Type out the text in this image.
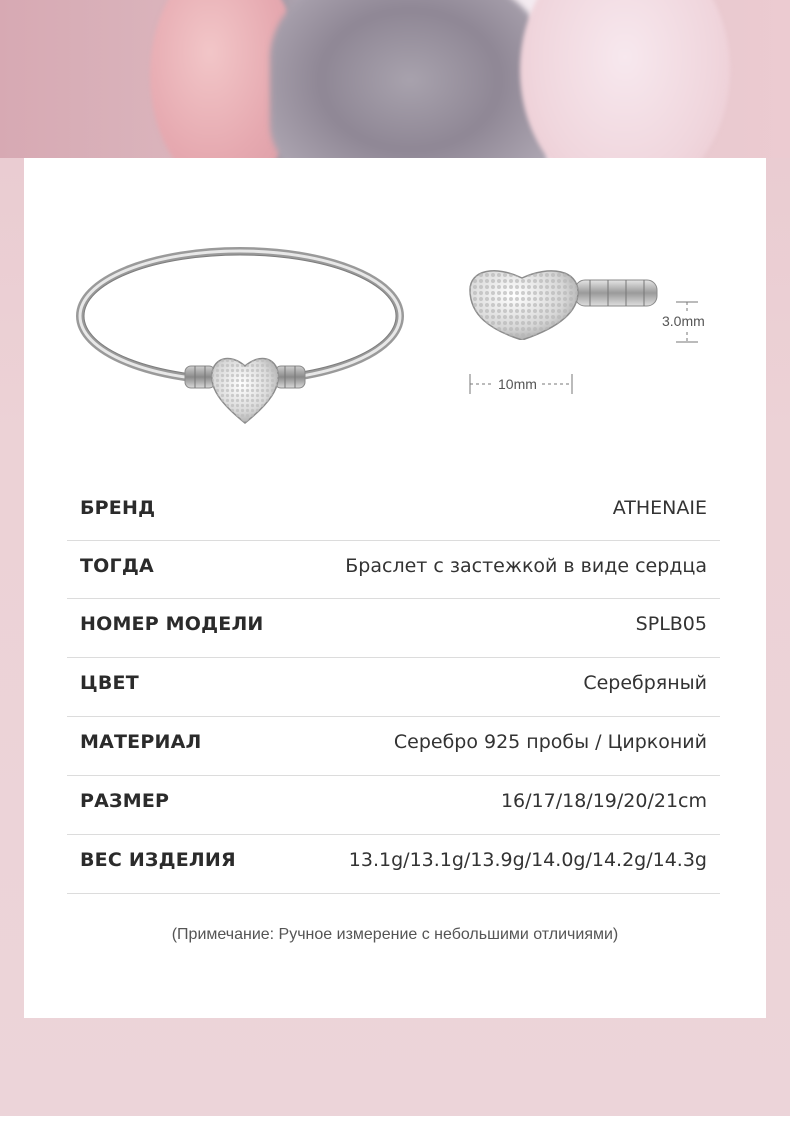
10mm
3.0mm
БРЕНД	ATHENAIE
ТОГДА	Браслет с застежкой в виде сердца
НОМЕР МОДЕЛИ	SPLB05
ЦВЕТ	Серебряный
МАТЕРИАЛ	Серебро 925 пробы / Цирконий
РАЗМЕР	16/17/18/19/20/21cm
ВЕС ИЗДЕЛИЯ	13.1g/13.1g/13.9g/14.0g/14.2g/14.3g
(Примечание: Ручное измерение с небольшими отличиями)
